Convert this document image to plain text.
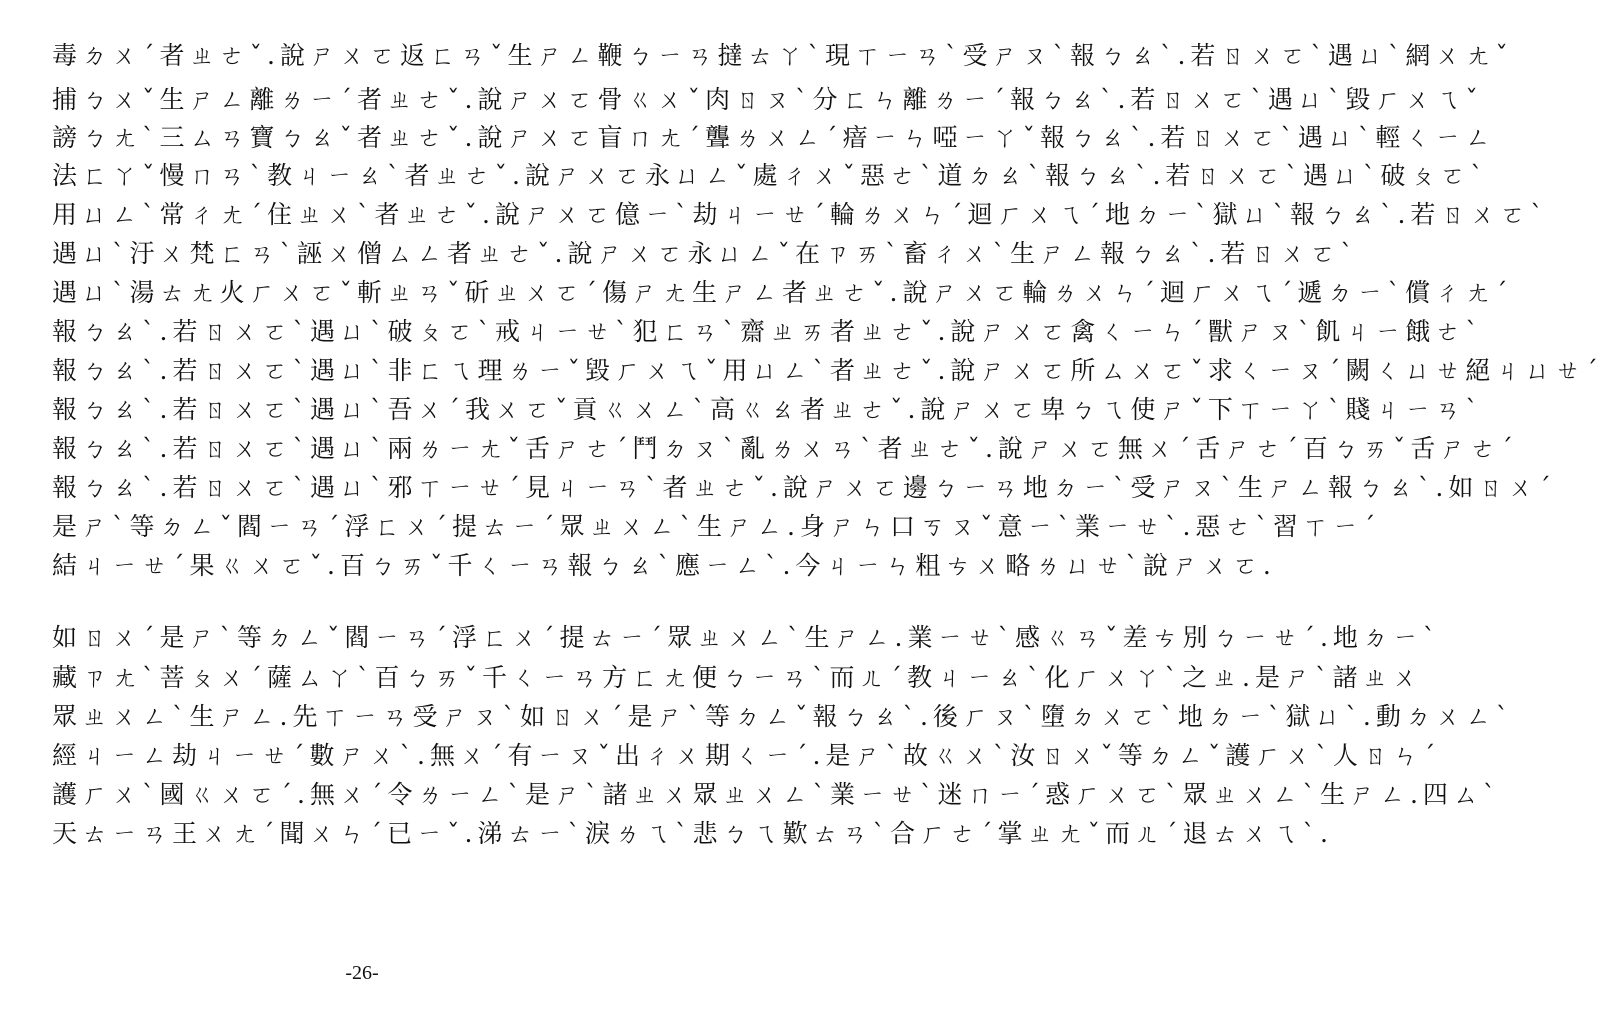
毒ㄉㄨˊ者ㄓㄜˇ.說ㄕㄨㄛ返ㄈㄢˇ生ㄕㄥ鞭ㄅㄧㄢ撻ㄊㄚˋ現ㄒㄧㄢˋ受ㄕㄡˋ報ㄅㄠˋ.若ㄖㄨㄛˋ遇ㄩˋ網ㄨㄤˇ
捕ㄅㄨˇ生ㄕㄥ離ㄌㄧˊ者ㄓㄜˇ.說ㄕㄨㄛ骨ㄍㄨˇ肉ㄖㄡˋ分ㄈㄣ離ㄌㄧˊ報ㄅㄠˋ.若ㄖㄨㄛˋ遇ㄩˋ毀ㄏㄨㄟˇ
謗ㄅㄤˋ三ㄙㄢ寶ㄅㄠˇ者ㄓㄜˇ.說ㄕㄨㄛ盲ㄇㄤˊ聾ㄌㄨㄥˊ瘖ㄧㄣ啞ㄧㄚˇ報ㄅㄠˋ.若ㄖㄨㄛˋ遇ㄩˋ輕ㄑㄧㄥ
法ㄈㄚˇ慢ㄇㄢˋ教ㄐㄧㄠˋ者ㄓㄜˇ.說ㄕㄨㄛ永ㄩㄥˇ處ㄔㄨˇ惡ㄜˋ道ㄉㄠˋ報ㄅㄠˋ.若ㄖㄨㄛˋ遇ㄩˋ破ㄆㄛˋ
用ㄩㄥˋ常ㄔㄤˊ住ㄓㄨˋ者ㄓㄜˇ.說ㄕㄨㄛ億ㄧˋ劫ㄐㄧㄝˊ輪ㄌㄨㄣˊ迴ㄏㄨㄟˊ地ㄉㄧˋ獄ㄩˋ報ㄅㄠˋ.若ㄖㄨㄛˋ
遇ㄩˋ汙ㄨ梵ㄈㄢˋ誣ㄨ僧ㄙㄥ者ㄓㄜˇ.說ㄕㄨㄛ永ㄩㄥˇ在ㄗㄞˋ畜ㄔㄨˋ生ㄕㄥ報ㄅㄠˋ.若ㄖㄨㄛˋ
遇ㄩˋ湯ㄊㄤ火ㄏㄨㄛˇ斬ㄓㄢˇ斫ㄓㄨㄛˊ傷ㄕㄤ生ㄕㄥ者ㄓㄜˇ.說ㄕㄨㄛ輪ㄌㄨㄣˊ迴ㄏㄨㄟˊ遞ㄉㄧˋ償ㄔㄤˊ
報ㄅㄠˋ.若ㄖㄨㄛˋ遇ㄩˋ破ㄆㄛˋ戒ㄐㄧㄝˋ犯ㄈㄢˋ齋ㄓㄞ者ㄓㄜˇ.說ㄕㄨㄛ禽ㄑㄧㄣˊ獸ㄕㄡˋ飢ㄐㄧ餓ㄜˋ
報ㄅㄠˋ.若ㄖㄨㄛˋ遇ㄩˋ非ㄈㄟ理ㄌㄧˇ毀ㄏㄨㄟˇ用ㄩㄥˋ者ㄓㄜˇ.說ㄕㄨㄛ所ㄙㄨㄛˇ求ㄑㄧㄡˊ闕ㄑㄩㄝ絕ㄐㄩㄝˊ
報ㄅㄠˋ.若ㄖㄨㄛˋ遇ㄩˋ吾ㄨˊ我ㄨㄛˇ貢ㄍㄨㄥˋ高ㄍㄠ者ㄓㄜˇ.說ㄕㄨㄛ卑ㄅㄟ使ㄕˇ下ㄒㄧㄚˋ賤ㄐㄧㄢˋ
報ㄅㄠˋ.若ㄖㄨㄛˋ遇ㄩˋ兩ㄌㄧㄤˇ舌ㄕㄜˊ鬥ㄉㄡˋ亂ㄌㄨㄢˋ者ㄓㄜˇ.說ㄕㄨㄛ無ㄨˊ舌ㄕㄜˊ百ㄅㄞˇ舌ㄕㄜˊ
報ㄅㄠˋ.若ㄖㄨㄛˋ遇ㄩˋ邪ㄒㄧㄝˊ見ㄐㄧㄢˋ者ㄓㄜˇ.說ㄕㄨㄛ邊ㄅㄧㄢ地ㄉㄧˋ受ㄕㄡˋ生ㄕㄥ報ㄅㄠˋ.如ㄖㄨˊ
是ㄕˋ等ㄉㄥˇ閻ㄧㄢˊ浮ㄈㄨˊ提ㄊㄧˊ眾ㄓㄨㄥˋ生ㄕㄥ.身ㄕㄣ口ㄎㄡˇ意ㄧˋ業ㄧㄝˋ.惡ㄜˋ習ㄒㄧˊ
結ㄐㄧㄝˊ果ㄍㄨㄛˇ.百ㄅㄞˇ千ㄑㄧㄢ報ㄅㄠˋ應ㄧㄥˋ.今ㄐㄧㄣ粗ㄘㄨ略ㄌㄩㄝˋ說ㄕㄨㄛ.
如ㄖㄨˊ是ㄕˋ等ㄉㄥˇ閻ㄧㄢˊ浮ㄈㄨˊ提ㄊㄧˊ眾ㄓㄨㄥˋ生ㄕㄥ.業ㄧㄝˋ感ㄍㄢˇ差ㄘ別ㄅㄧㄝˊ.地ㄉㄧˋ
藏ㄗㄤˋ菩ㄆㄨˊ薩ㄙㄚˋ百ㄅㄞˇ千ㄑㄧㄢ方ㄈㄤ便ㄅㄧㄢˋ而ㄦˊ教ㄐㄧㄠˋ化ㄏㄨㄚˋ之ㄓ.是ㄕˋ諸ㄓㄨ
眾ㄓㄨㄥˋ生ㄕㄥ.先ㄒㄧㄢ受ㄕㄡˋ如ㄖㄨˊ是ㄕˋ等ㄉㄥˇ報ㄅㄠˋ.後ㄏㄡˋ墮ㄉㄨㄛˋ地ㄉㄧˋ獄ㄩˋ.動ㄉㄨㄥˋ
經ㄐㄧㄥ劫ㄐㄧㄝˊ數ㄕㄨˋ.無ㄨˊ有ㄧㄡˇ出ㄔㄨ期ㄑㄧˊ.是ㄕˋ故ㄍㄨˋ汝ㄖㄨˇ等ㄉㄥˇ護ㄏㄨˋ人ㄖㄣˊ
護ㄏㄨˋ國ㄍㄨㄛˊ.無ㄨˊ令ㄌㄧㄥˋ是ㄕˋ諸ㄓㄨ眾ㄓㄨㄥˋ業ㄧㄝˋ迷ㄇㄧˊ惑ㄏㄨㄛˋ眾ㄓㄨㄥˋ生ㄕㄥ.四ㄙˋ
天ㄊㄧㄢ王ㄨㄤˊ聞ㄨㄣˊ已ㄧˇ.涕ㄊㄧˋ淚ㄌㄟˋ悲ㄅㄟ歎ㄊㄢˋ合ㄏㄜˊ掌ㄓㄤˇ而ㄦˊ退ㄊㄨㄟˋ.
-26-
